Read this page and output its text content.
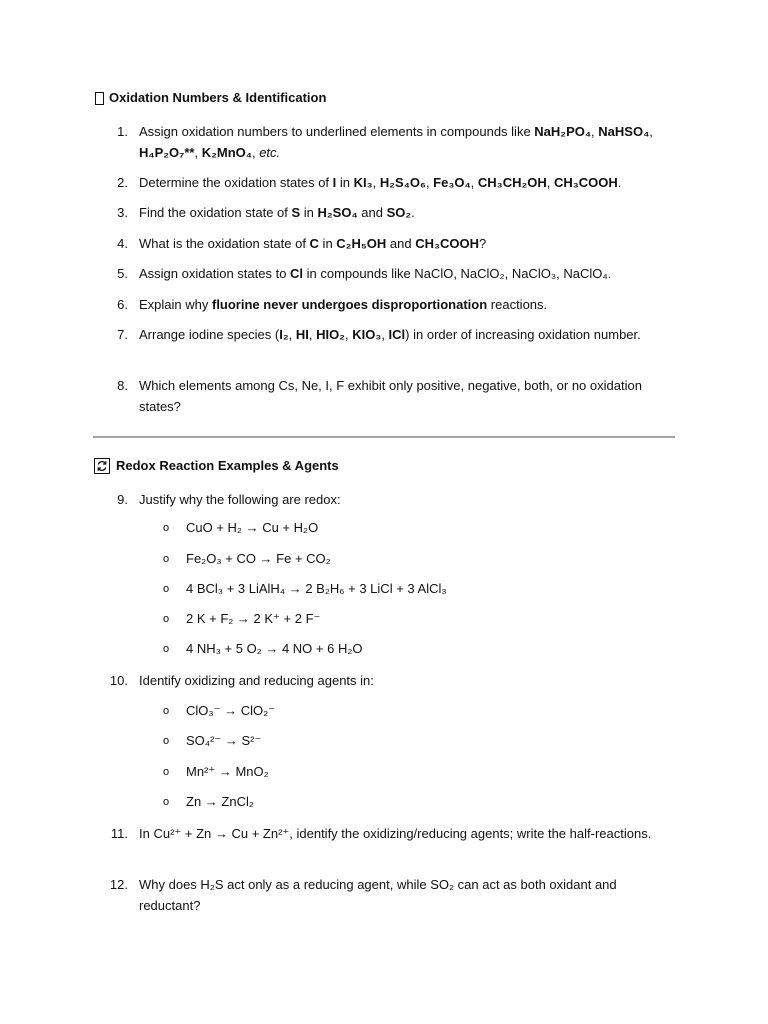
Oxidation Numbers & Identification
1. Assign oxidation numbers to underlined elements in compounds like NaH₂PO₄, NaHSO₄, H₄P₂O₇**, K₂MnO₄, etc.
2. Determine the oxidation states of I in KI₃, H₂S₄O₆, Fe₃O₄, CH₃CH₂OH, CH₃COOH.
3. Find the oxidation state of S in H₂SO₄ and SO₂.
4. What is the oxidation state of C in C₂H₅OH and CH₃COOH?
5. Assign oxidation states to Cl in compounds like NaClO, NaClO₂, NaClO₃, NaClO₄.
6. Explain why fluorine never undergoes disproportionation reactions.
7. Arrange iodine species (I₂, HI, HIO₂, KIO₃, ICl) in order of increasing oxidation number.
8. Which elements among Cs, Ne, I, F exhibit only positive, negative, both, or no oxidation states?
Redox Reaction Examples & Agents
9. Justify why the following are redox:
o CuO + H₂ → Cu + H₂O
o Fe₂O₃ + CO → Fe + CO₂
o 4 BCl₃ + 3 LiAlH₄ → 2 B₂H₆ + 3 LiCl + 3 AlCl₃
o 2 K + F₂ → 2 K⁺ + 2 F⁻
o 4 NH₃ + 5 O₂ → 4 NO + 6 H₂O
10. Identify oxidizing and reducing agents in:
o ClO₃⁻ → ClO₂⁻
o SO₄²⁻ → S²⁻
o Mn²⁺ → MnO₂
o Zn → ZnCl₂
11. In Cu²⁺ + Zn → Cu + Zn²⁺, identify the oxidizing/reducing agents; write the half-reactions.
12. Why does H₂S act only as a reducing agent, while SO₂ can act as both oxidant and reductant?
